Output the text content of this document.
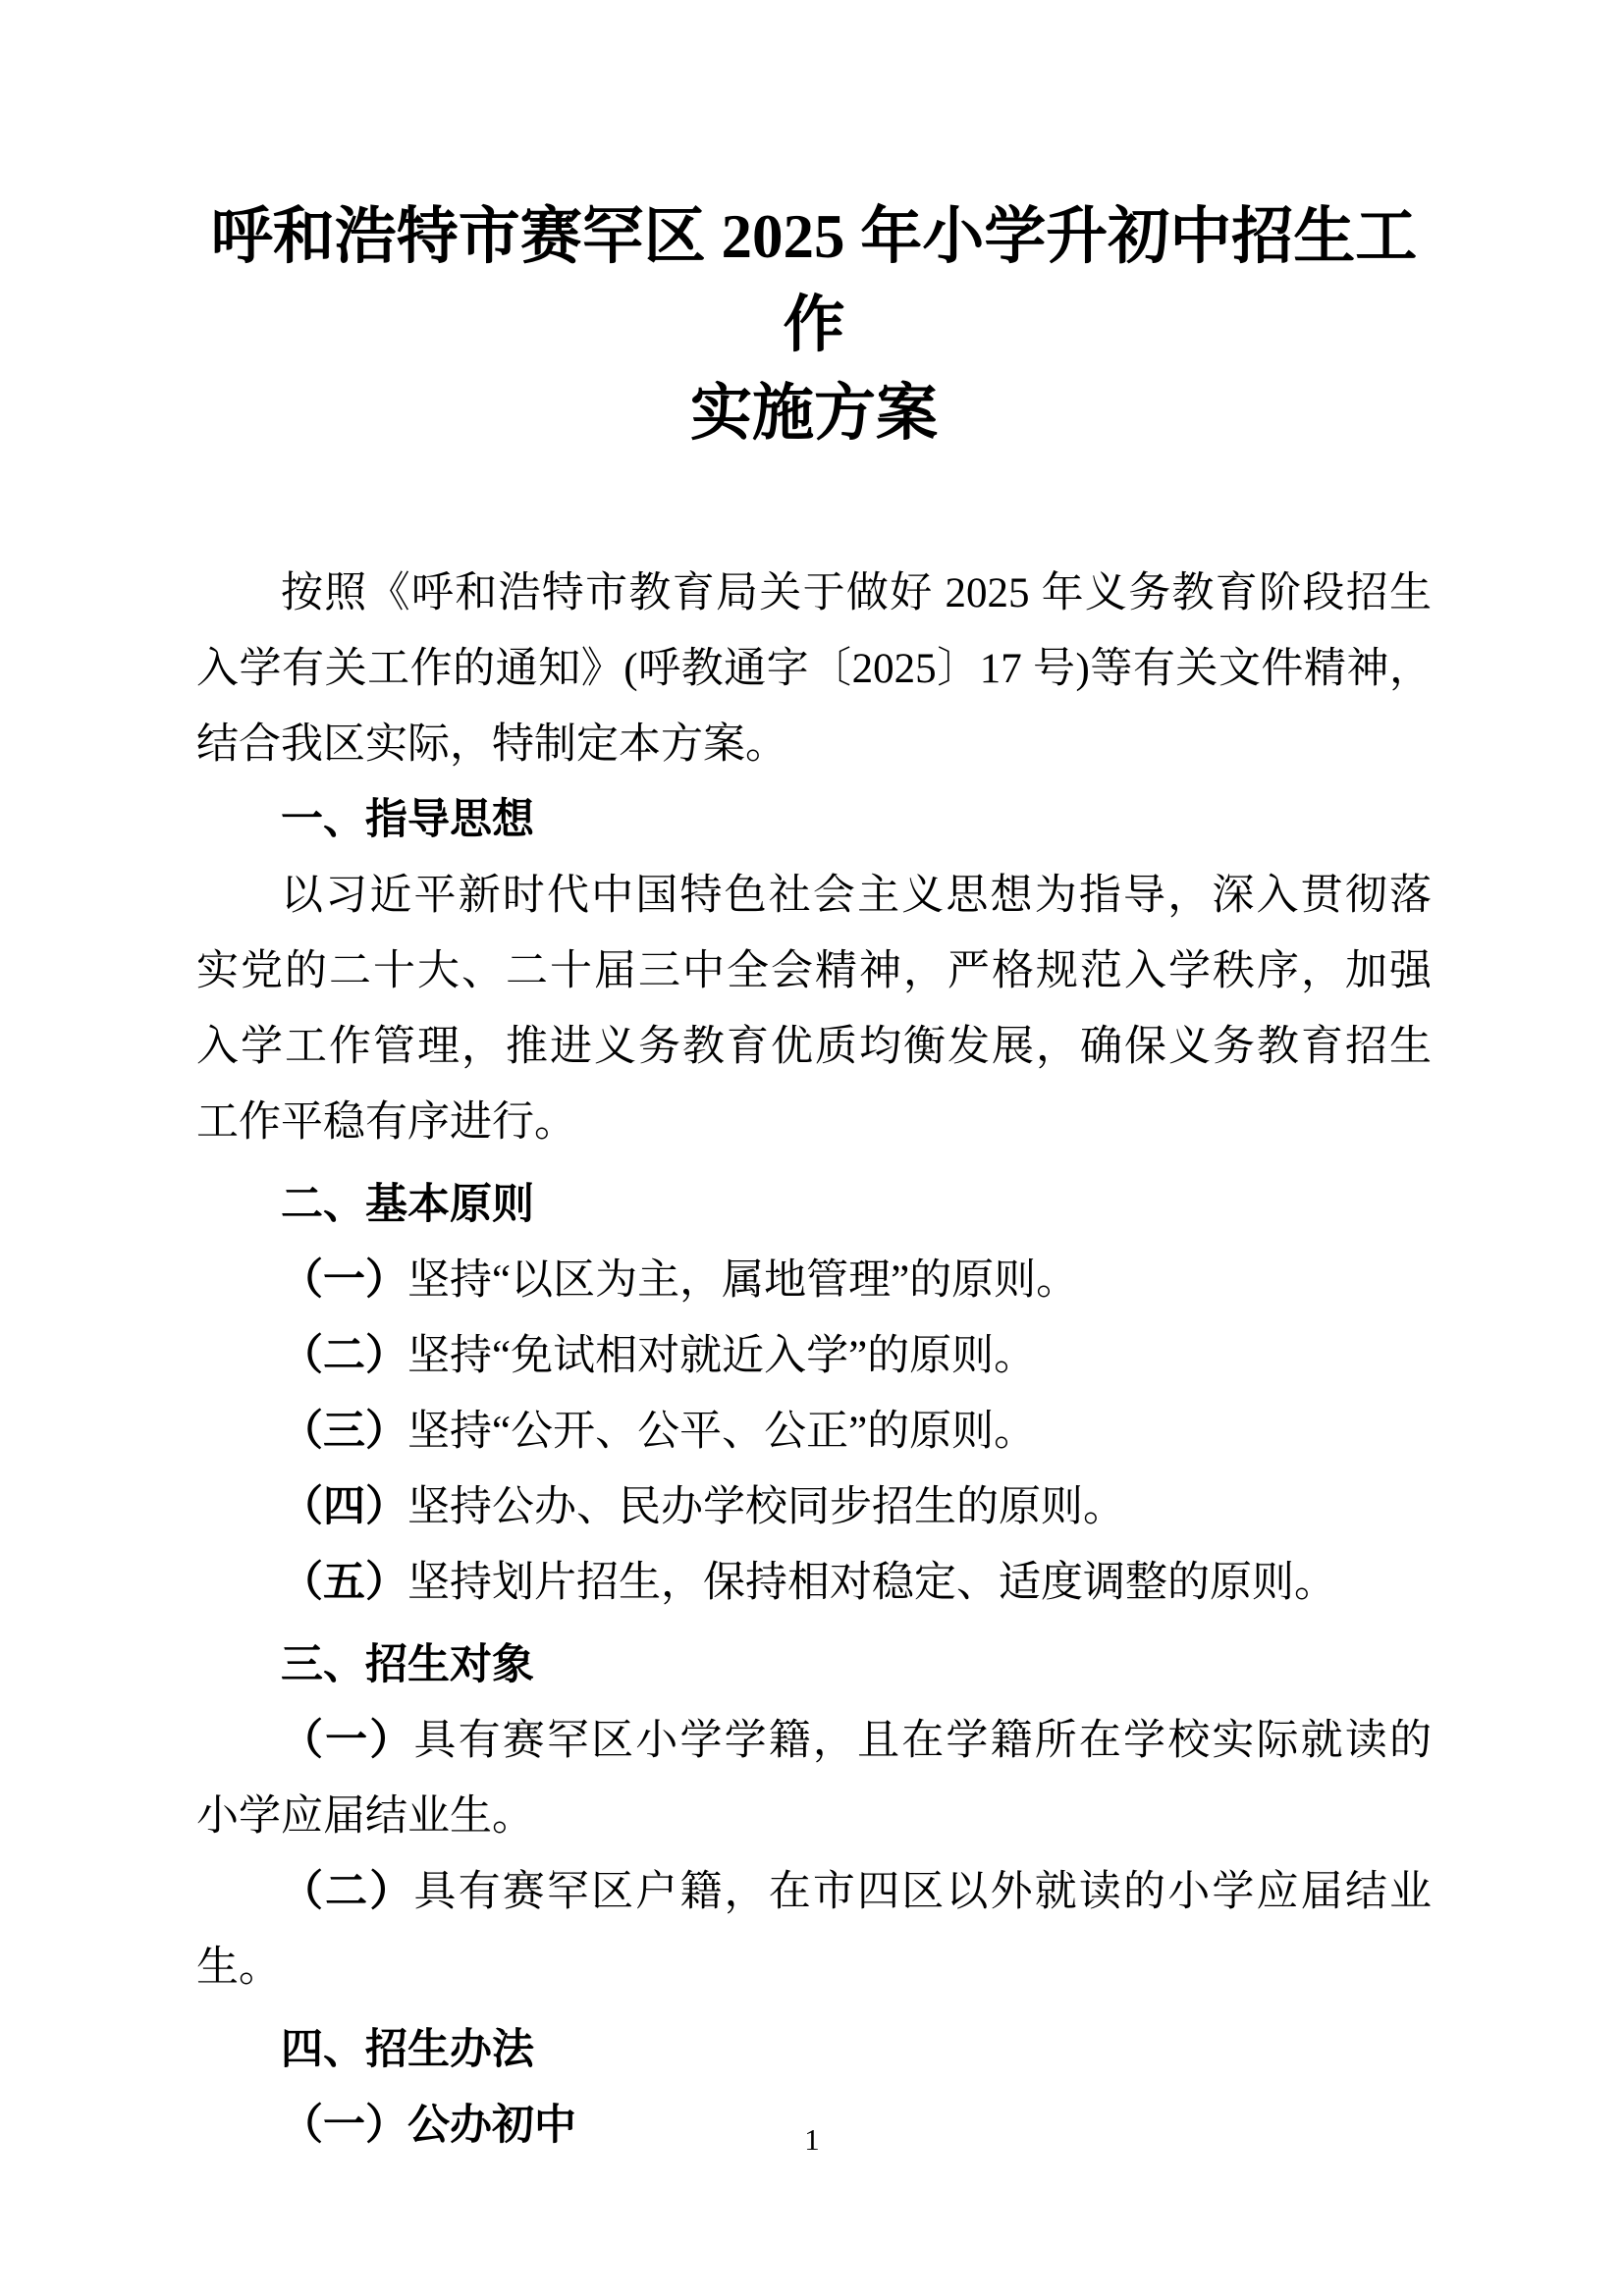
呼和浩特市赛罕区 2025 年小学升初中招生工作
实施方案
按照《呼和浩特市教育局关于做好 2025 年义务教育阶段招生
入学有关工作的通知》(呼教通字〔2025〕17 号)等有关文件精神，
结合我区实际，特制定本方案。
一、指导思想
以习近平新时代中国特色社会主义思想为指导，深入贯彻落
实党的二十大、二十届三中全会精神，严格规范入学秩序，加强
入学工作管理，推进义务教育优质均衡发展，确保义务教育招生
工作平稳有序进行。
二、基本原则
（一）坚持“以区为主，属地管理”的原则。
（二）坚持“免试相对就近入学”的原则。
（三）坚持“公开、公平、公正”的原则。
（四）坚持公办、民办学校同步招生的原则。
（五）坚持划片招生，保持相对稳定、适度调整的原则。
三、招生对象
（一）具有赛罕区小学学籍，且在学籍所在学校实际就读的
小学应届结业生。
（二）具有赛罕区户籍，在市四区以外就读的小学应届结业
生。
四、招生办法
（一）公办初中	1
